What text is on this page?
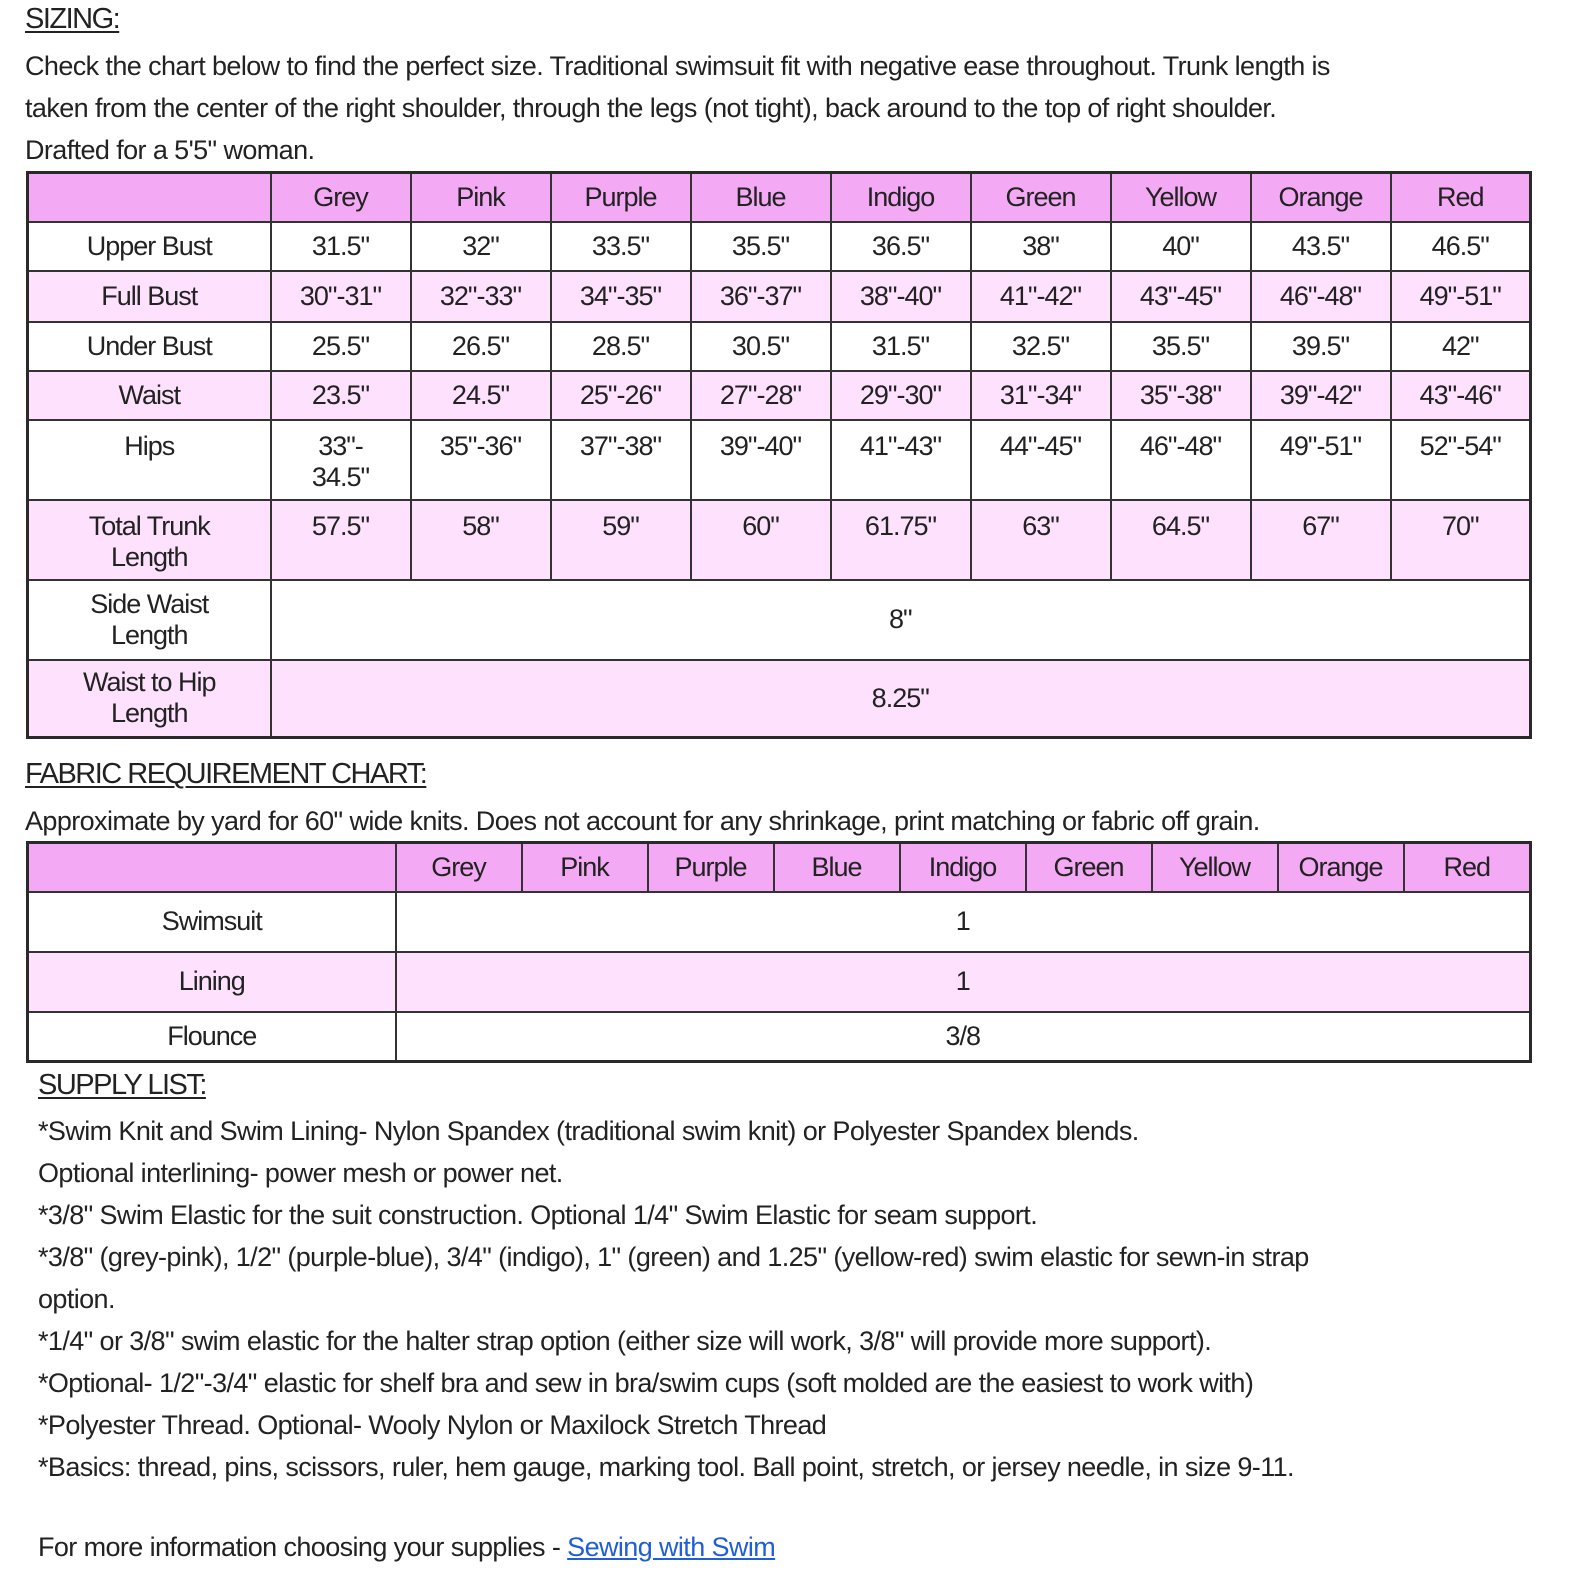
SIZING:

Check the chart below to find the perfect size. Traditional swimsuit fit with negative ease throughout. Trunk length is

taken from the center of the right shoulder, through the legs (not tight), back around to the top of right shoulder.

Drafted for a 5'5" woman.

	Grey	Pink	Purple	Blue	Indigo	Green	Yellow	Orange	Red
Upper Bust	31.5"	32"	33.5"	35.5"	36.5"	38"	40"	43.5"	46.5"
Full Bust	30"-31"	32"-33"	34"-35"	36"-37"	38"-40"	41"-42"	43"-45"	46"-48"	49"-51"
Under Bust	25.5"	26.5"	28.5"	30.5"	31.5"	32.5"	35.5"	39.5"	42"
Waist	23.5"	24.5"	25"-26"	27"-28"	29"-30"	31"-34"	35"-38"	39"-42"	43"-46"
Hips	33"-
34.5"	35"-36"	37"-38"	39"-40"	41"-43"	44"-45"	46"-48"	49"-51"	52"-54"
Total Trunk
Length	57.5"	58"	59"	60"	61.75"	63"	64.5"	67"	70"
Side Waist
Length	8"								
Waist to Hip
Length	8.25"								
FABRIC REQUIREMENT CHART:

Approximate by yard for 60" wide knits. Does not account for any shrinkage, print matching or fabric off grain.

	Grey	Pink	Purple	Blue	Indigo	Green	Yellow	Orange	Red
Swimsuit	1								
Lining	1								
Flounce	3/8								
SUPPLY LIST:

*Swim Knit and Swim Lining- Nylon Spandex (traditional swim knit) or Polyester Spandex blends.

Optional interlining- power mesh or power net.

*3/8" Swim Elastic for the suit construction. Optional 1/4" Swim Elastic for seam support.

*3/8" (grey-pink), 1/2" (purple-blue), 3/4" (indigo), 1" (green) and 1.25" (yellow-red) swim elastic for sewn-in strap

option.

*1/4" or 3/8" swim elastic for the halter strap option (either size will work, 3/8" will provide more support).

*Optional- 1/2"-3/4" elastic for shelf bra and sew in bra/swim cups (soft molded are the easiest to work with)

*Polyester Thread. Optional- Wooly Nylon or Maxilock Stretch Thread

*Basics: thread, pins, scissors, ruler, hem gauge, marking tool. Ball point, stretch, or jersey needle, in size 9-11.

For more information choosing your supplies - Sewing with Swim
